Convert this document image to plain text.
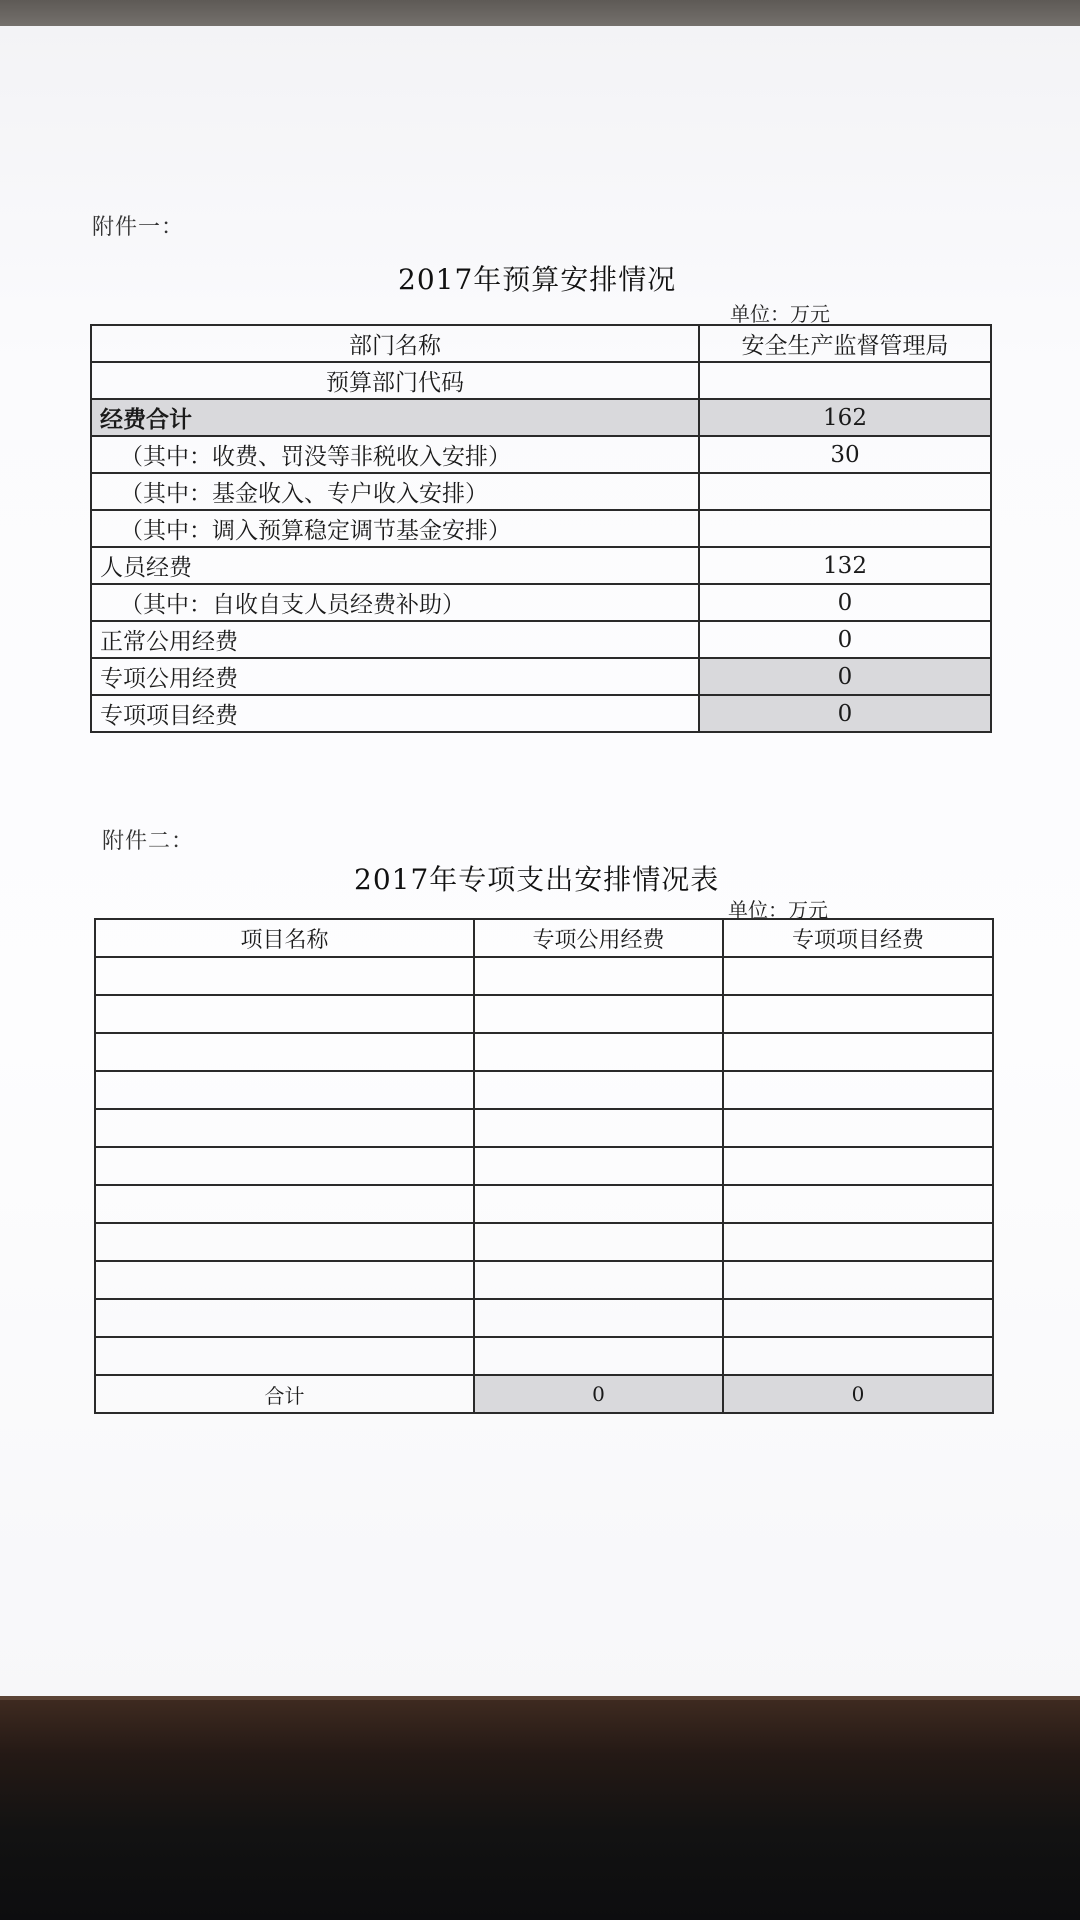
附件一：
2017年预算安排情况
单位：万元
部门名称	安全生产监督管理局
预算部门代码	
经费合计	162
（其中：收费、罚没等非税收入安排）	30
（其中：基金收入、专户收入安排）	
（其中：调入预算稳定调节基金安排）	
人员经费	132
（其中：自收自支人员经费补助）	0
正常公用经费	0
专项公用经费	0
专项项目经费	0
附件二：
2017年专项支出安排情况表
单位：万元
项目名称	专项公用经费	专项项目经费

合计	0	0
